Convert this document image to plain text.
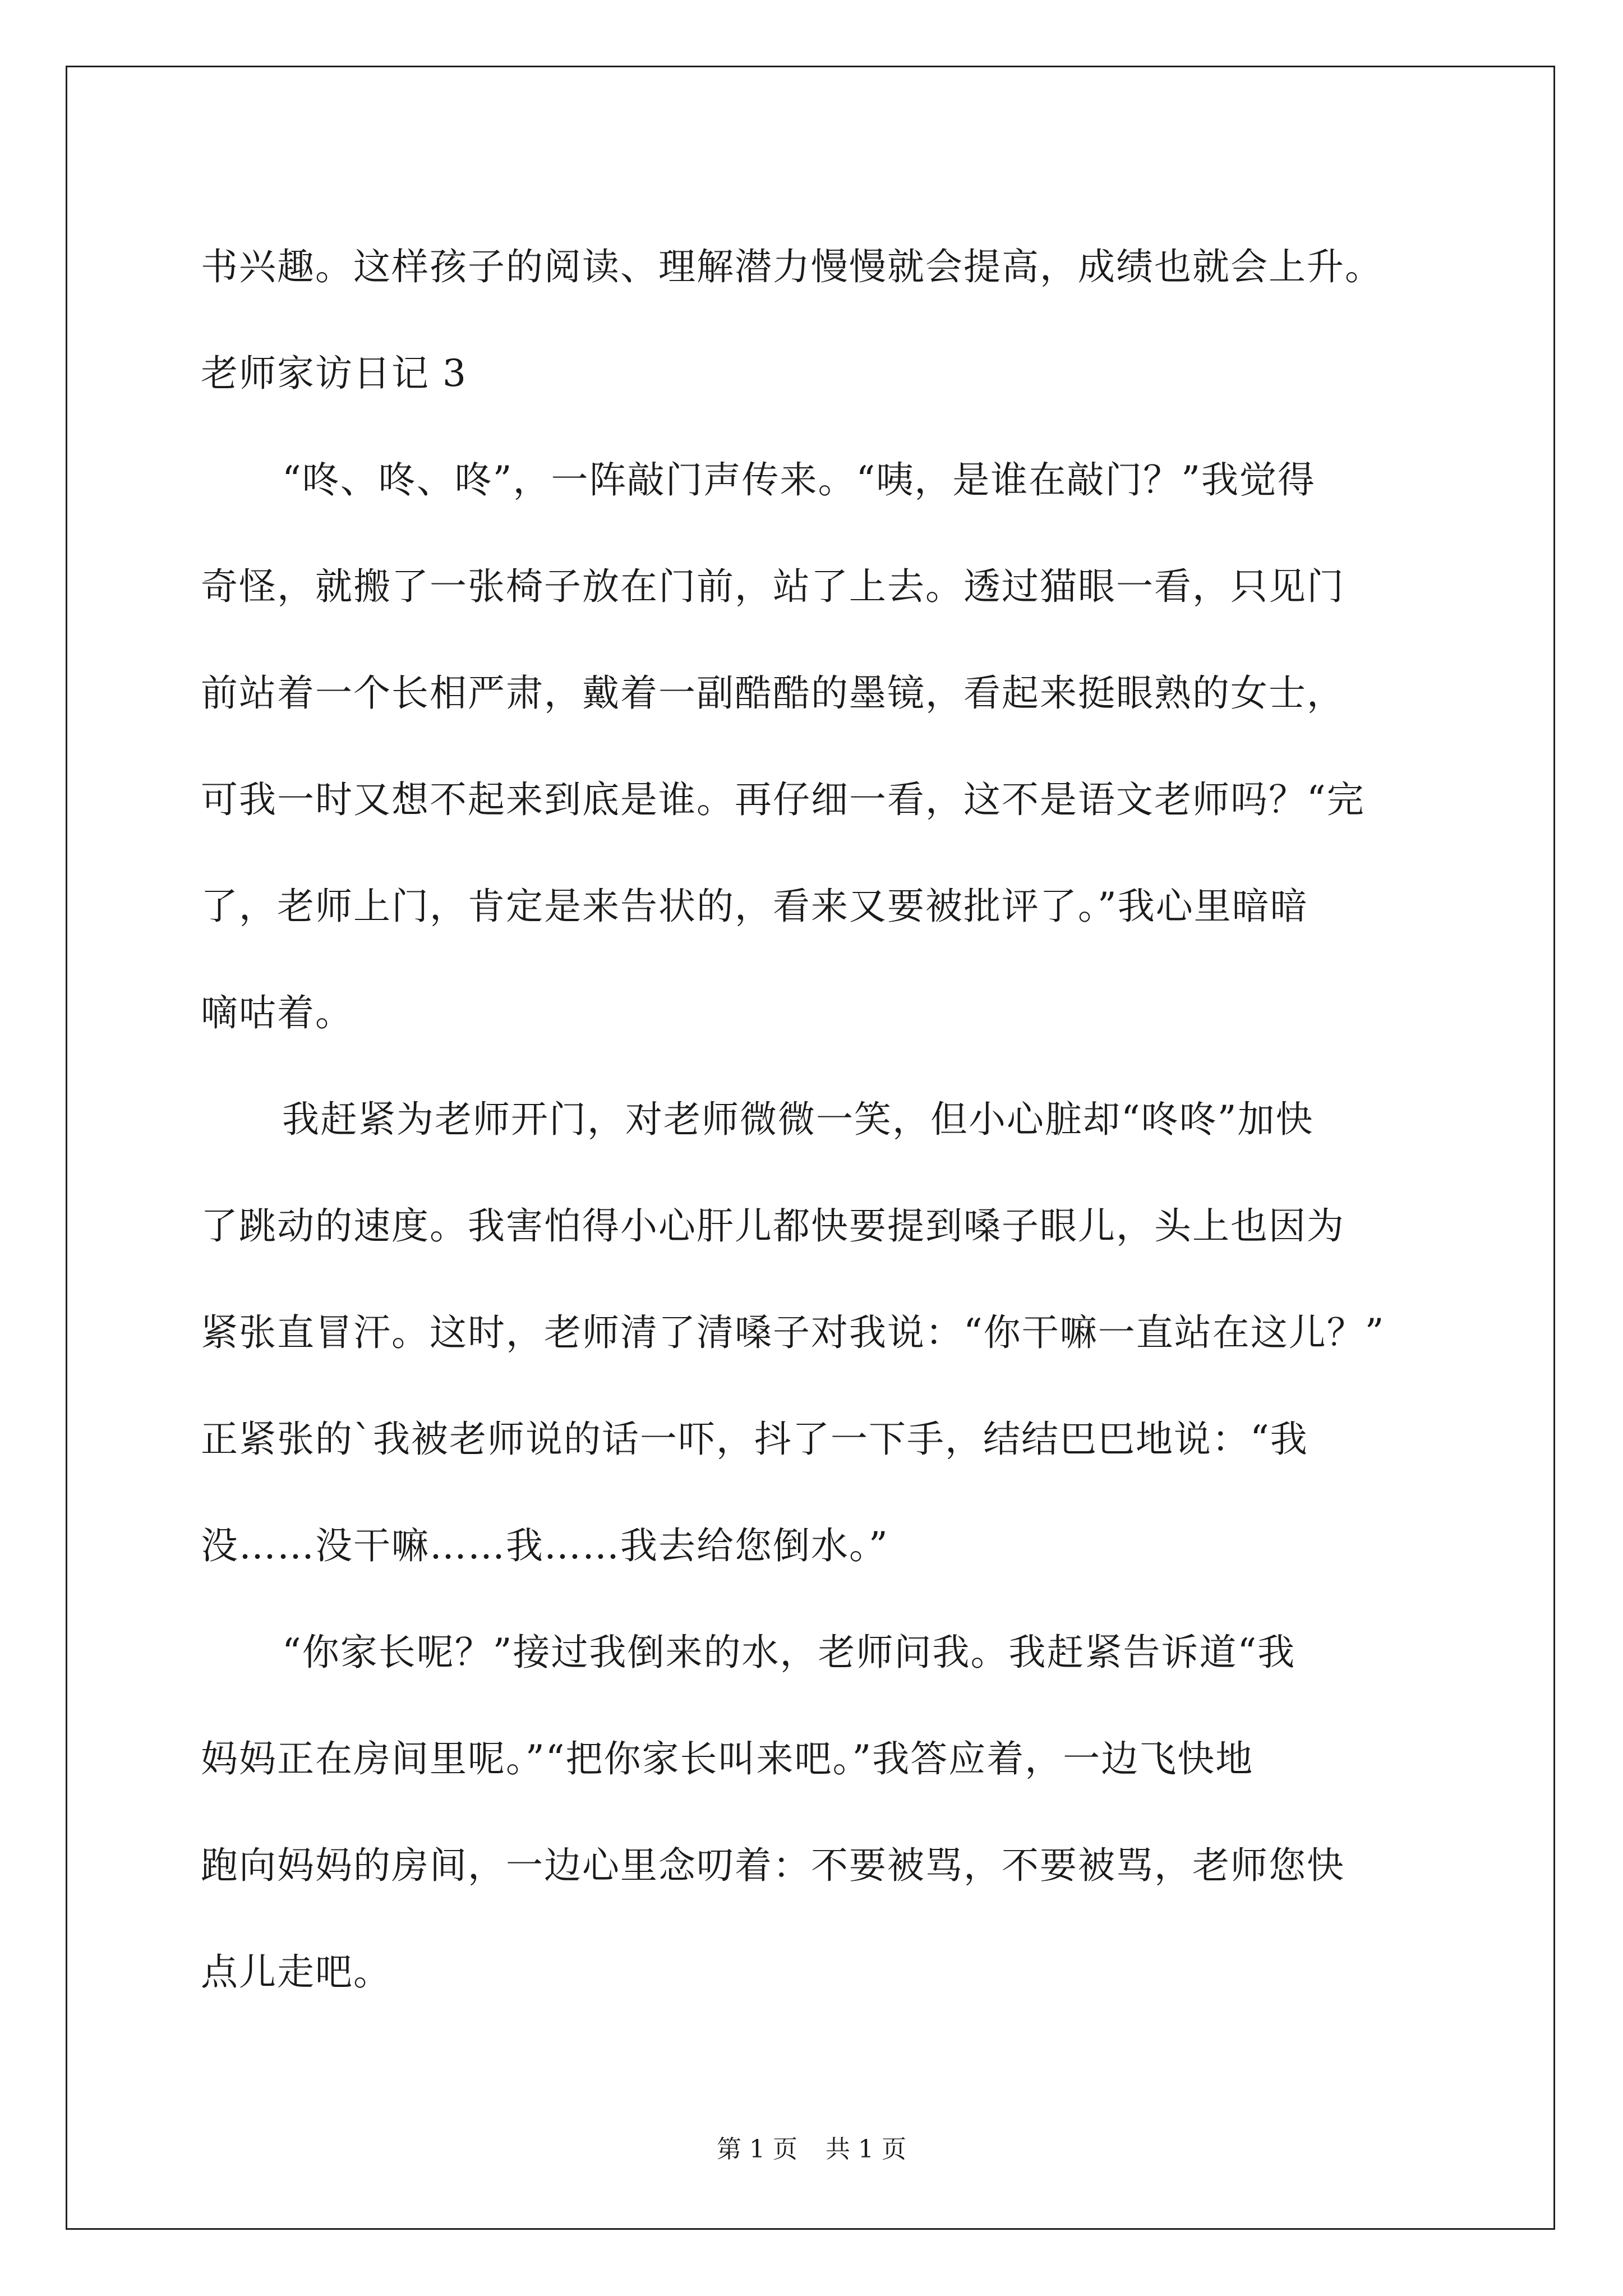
书兴趣。这样孩子的阅读、理解潜力慢慢就会提高，成绩也就会上升。
老师家访日记 3
“咚、咚、咚”，一阵敲门声传来。“咦，是谁在敲门？”我觉得
奇怪，就搬了一张椅子放在门前，站了上去。透过猫眼一看，只见门
前站着一个长相严肃，戴着一副酷酷的墨镜，看起来挺眼熟的女士，
可我一时又想不起来到底是谁。再仔细一看，这不是语文老师吗？“完
了，老师上门，肯定是来告状的，看来又要被批评了。”我心里暗暗
嘀咕着。
我赶紧为老师开门，对老师微微一笑，但小心脏却“咚咚”加快
了跳动的速度。我害怕得小心肝儿都快要提到嗓子眼儿，头上也因为
紧张直冒汗。这时，老师清了清嗓子对我说：“你干嘛一直站在这儿？”
正紧张的`我被老师说的话一吓，抖了一下手，结结巴巴地说：“我
没……没干嘛……我……我去给您倒水。”
“你家长呢？”接过我倒来的水，老师问我。我赶紧告诉道“我
妈妈正在房间里呢。”“把你家长叫来吧。”我答应着，一边飞快地
跑向妈妈的房间，一边心里念叨着：不要被骂，不要被骂，老师您快
点儿走吧。
第 1 页 共 1 页
